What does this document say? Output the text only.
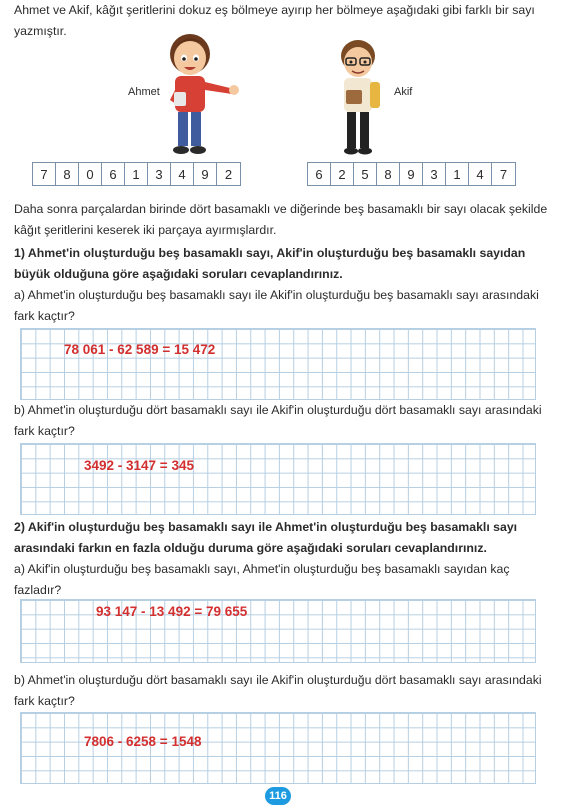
Ahmet ve Akif, kâğıt şeritlerini dokuz eş bölmeye ayırıp her bölmeye aşağıdaki gibi farklı bir sayı yazmıştır.

Ahmet	Akif
7	8	0	6	1	3	4	9	2	6	2	5	8	9	3	1	4	7

Daha sonra parçalardan birinde dört basamaklı ve diğerinde beş basamaklı bir sayı olacak şekilde kâğıt şeritlerini keserek iki parçaya ayırmışlardır.

1) Ahmet'in oluşturduğu beş basamaklı sayı, Akif'in oluşturduğu beş basamaklı sayıdan büyük olduğuna göre aşağıdaki soruları cevaplandırınız.

a) Ahmet'in oluşturduğu beş basamaklı sayı ile Akif'in oluşturduğu beş basamaklı sayı arasındaki fark kaçtır?

78 061 - 62 589 = 15 472

b) Ahmet'in oluşturduğu dört basamaklı sayı ile Akif'in oluşturduğu dört basamaklı sayı arasındaki fark kaçtır?

3492 - 3147 = 345

2) Akif'in oluşturduğu beş basamaklı sayı ile Ahmet'in oluşturduğu beş basamaklı sayı arasındaki farkın en fazla olduğu duruma göre aşağıdaki soruları cevaplandırınız.

a) Akif'in oluşturduğu beş basamaklı sayı, Ahmet'in oluşturduğu beş basamaklı sayıdan kaç fazladır?

93 147 - 13 492 = 79 655

b) Ahmet'in oluşturduğu dört basamaklı sayı ile Akif'in oluşturduğu dört basamaklı sayı arasındaki fark kaçtır?

7806 - 6258 = 1548
116
